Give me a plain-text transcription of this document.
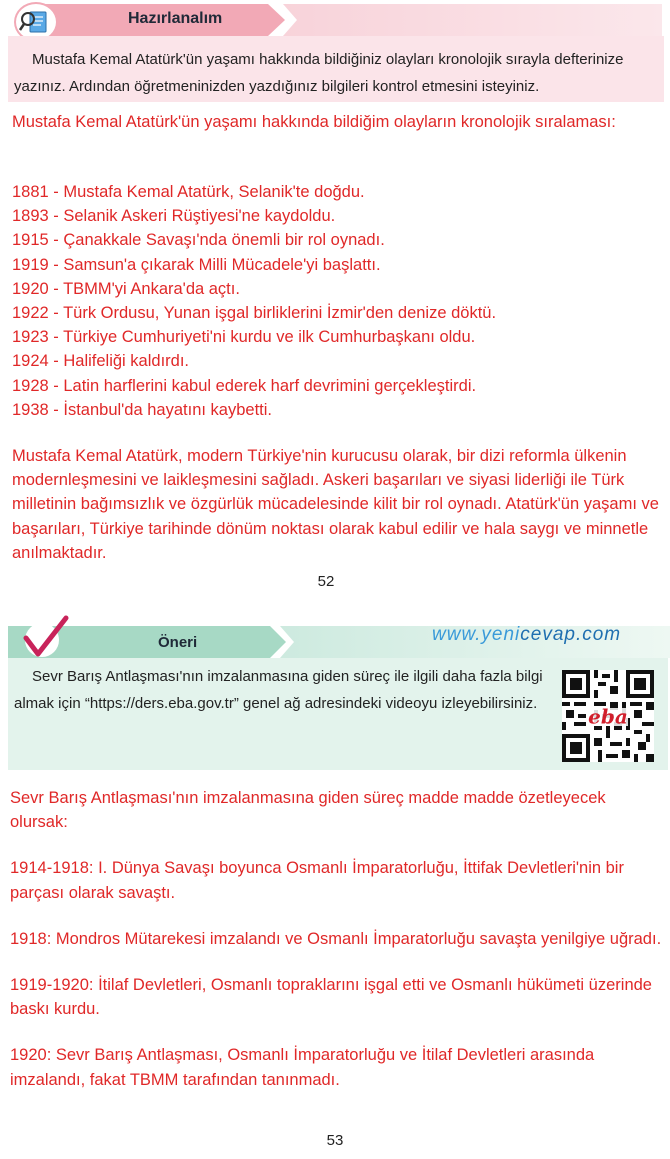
Hazırlanalım
Mustafa Kemal Atatürk'ün yaşamı hakkında bildiğiniz olayları kronolojik sırayla defterinize yazınız. Ardından öğretmeninizden yazdığınız bilgileri kontrol etmesini isteyiniz.
Mustafa Kemal Atatürk'ün yaşamı hakkında bildiğim olayların kronolojik sıralaması:
1881 - Mustafa Kemal Atatürk, Selanik'te doğdu.
1893 - Selanik Askeri Rüştiyesi'ne kaydoldu.
1915 - Çanakkale Savaşı'nda önemli bir rol oynadı.
1919 - Samsun'a çıkarak Milli Mücadele'yi başlattı.
1920 - TBMM'yi Ankara'da açtı.
1922 - Türk Ordusu, Yunan işgal birliklerini İzmir'den denize döktü.
1923 - Türkiye Cumhuriyeti'ni kurdu ve ilk Cumhurbaşkanı oldu.
1924 - Halifeliği kaldırdı.
1928 - Latin harflerini kabul ederek harf devrimini gerçekleştirdi.
1938 - İstanbul'da hayatını kaybetti.
Mustafa Kemal Atatürk, modern Türkiye'nin kurucusu olarak, bir dizi reformla ülkenin modernleşmesini ve laikleşmesini sağladı. Askeri başarıları ve siyasi liderliği ile Türk milletinin bağımsızlık ve özgürlük mücadelesinde kilit bir rol oynadı. Atatürk'ün yaşamı ve başarıları, Türkiye tarihinde dönüm noktası olarak kabul edilir ve hala saygı ve minnetle anılmaktadır.
52
Öneri	www.yenicevap.com
Sevr Barış Antlaşması'nın imzalanmasına giden süreç ile ilgili daha fazla bilgi almak için “https://ders.eba.gov.tr” genel ağ adresindeki videoyu izleyebilirsiniz.
eba

Sevr Barış Antlaşması'nın imzalanmasına giden süreç madde madde özetleyecek olursak:

1914-1918: I. Dünya Savaşı boyunca Osmanlı İmparatorluğu, İttifak Devletleri'nin bir parçası olarak savaştı.

1918: Mondros Mütarekesi imzalandı ve Osmanlı İmparatorluğu savaşta yenilgiye uğradı.

1919-1920: İtilaf Devletleri, Osmanlı topraklarını işgal etti ve Osmanlı hükümeti üzerinde baskı kurdu.

1920: Sevr Barış Antlaşması, Osmanlı İmparatorluğu ve İtilaf Devletleri arasında imzalandı, fakat TBMM tarafından tanınmadı.

53
